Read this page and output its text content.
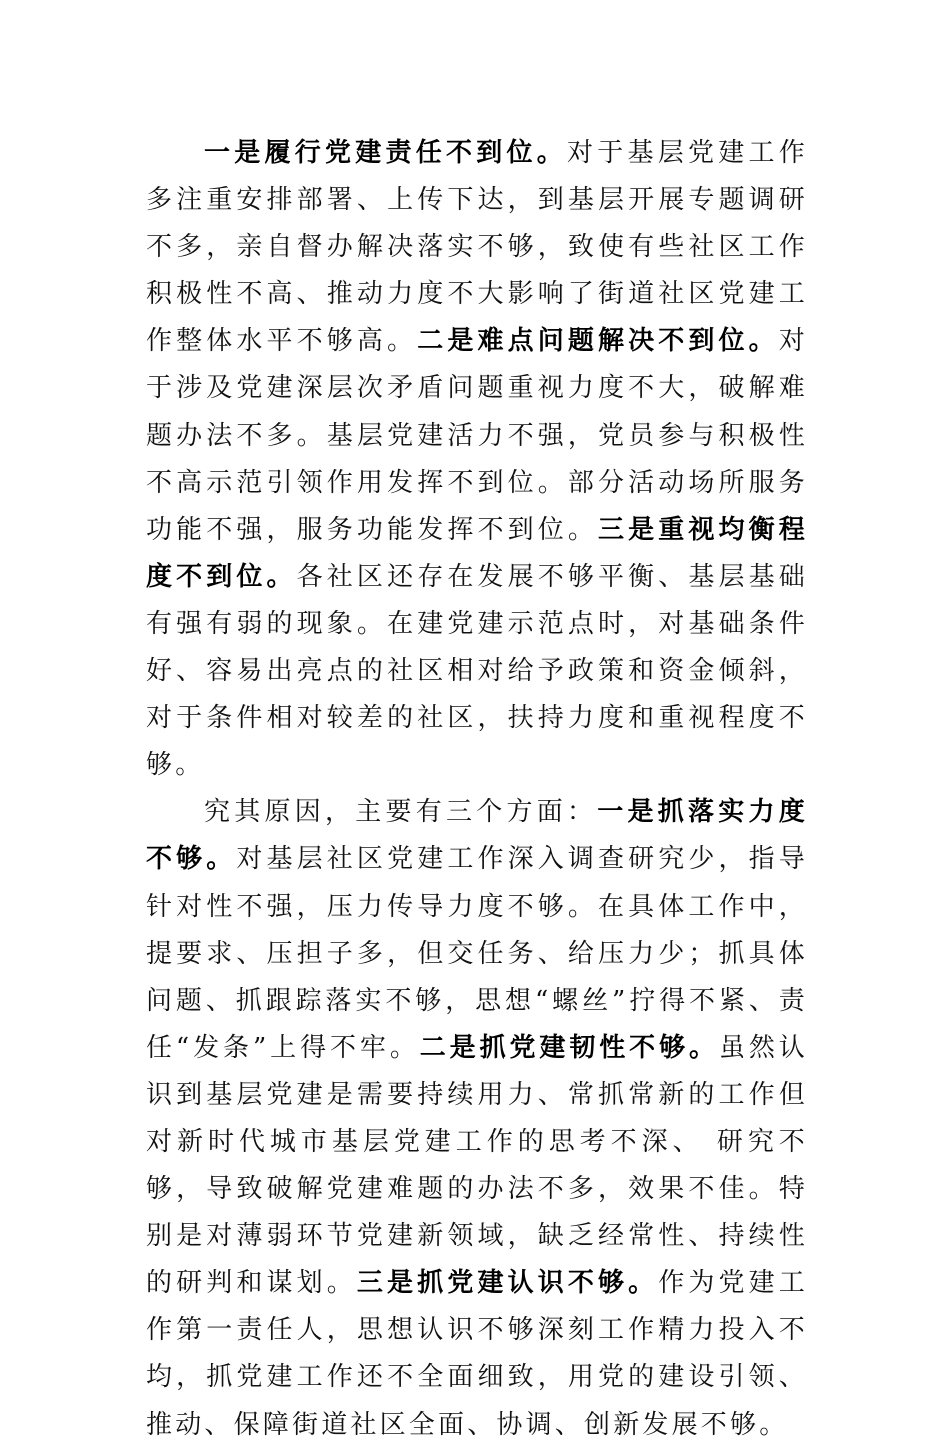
一是履行党建责任不到位。对于基层党建工作多注重安排部署、上传下达，到基层开展专题调研不多，亲自督办解决落实不够，致使有些社区工作积极性不高、推动力度不大影响了街道社区党建工作整体水平不够高。二是难点问题解决不到位。对于涉及党建深层次矛盾问题重视力度不大，破解难题办法不多。基层党建活力不强，党员参与积极性不高示范引领作用发挥不到位。部分活动场所服务功能不强，服务功能发挥不到位。三是重视均衡程度不到位。各社区还存在发展不够平衡、基层基础有强有弱的现象。在建党建示范点时，对基础条件好、容易出亮点的社区相对给予政策和资金倾斜，对于条件相对较差的社区，扶持力度和重视程度不够。

究其原因，主要有三个方面：一是抓落实力度不够。对基层社区党建工作深入调查研究少，指导针对性不强，压力传导力度不够。在具体工作中，提要求、压担子多，但交任务、给压力少；抓具体问题、抓跟踪落实不够，思想“螺丝”拧得不紧、责任“发条”上得不牢。二是抓党建韧性不够。虽然认识到基层党建是需要持续用力、常抓常新的工作但对新时代城市基层党建工作的思考不深、 研究不够，导致破解党建难题的办法不多，效果不佳。特别是对薄弱环节党建新领域，缺乏经常性、持续性的研判和谋划。三是抓党建认识不够。作为党建工作第一责任人，思想认识不够深刻工作精力投入不均，抓党建工作还不全面细致，用党的建设引领、推动、保障街道社区全面、协调、创新发展不够。
